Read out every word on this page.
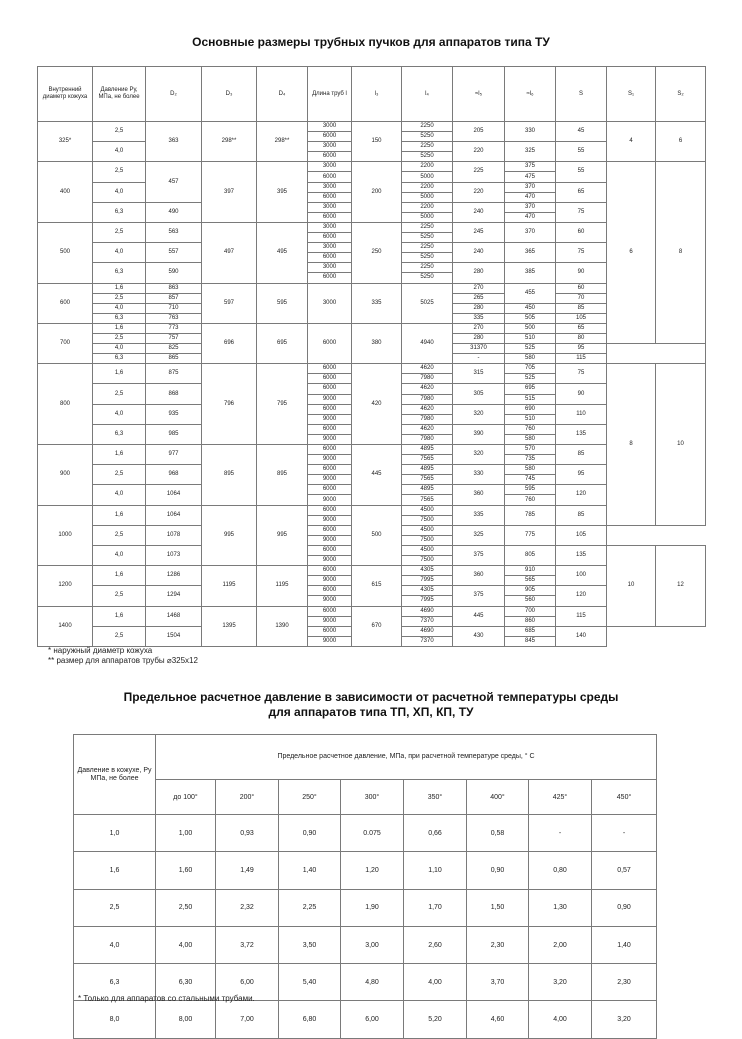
Основные размеры трубных пучков для аппаратов типа ТУ
Внутренний диаметр кожуха	Давление Ру, МПа, не более	D₂	D₃	D₄	Длина труб l	l₃	l₄	≈l₅	≈l₆	S	S₁	S₂	
325*	2,5	363	298**	298**	3000	150	2250	205	330	45	4	6	
					6000		5250						
	4,0				3000		2250	220	325	55			
					6000		5250						
400	2,5	457	397	395	3000	200	2200	225	375	55	6	8	
					6000		5000		475				
	4,0				3000		2200	220	370	65			
					6000		5000		470				
	6,3	490			3000		2200	240	370	75			
					6000		5000		470				
500	2,5	563	497	495	3000	250	2250	245	370	60			
					6000		5250						
	4,0	557			3000		2250	240	365	75			
					6000		5250						
	6,3	590			3000		2250	280	385	90			
					6000		5250						
600	1,6	863	597	595	3000	335	5025	270	455	60			
	2,5	857						265		70			
	4,0	710						280	450	85			
	6,3	763						335	505	105			
700	1,6	773	696	695	6000	380	4940	270	500	65		
	2,5	757						280	510	80			
	4,0	825						31370	525	95			
	6,3	865						-	580	115			
800	1,6	875	796	795	6000	420	4620	315	705	75	8	10	
					6000		7980		525				
	2,5	868			6000		4620	305	695	90			
					9000		7980		515				
	4,0	935			6000		4620	320	690	110			
					9000		7980		510				
	6,3	985			6000		4620	390	760	135			
					9000		7980		580				
900	1,6	977	895	895	6000	445	4895	320	570	85			
					9000		7565		735				
	2,5	968			6000		4895	330	580	95			
					9000		7565		745				
	4,0	1064			6000		4895	360	595	120			
					9000		7565		760				
1000	1,6	1064	995	995	6000	500	4500	335	785	85			
					9000		7500						
	2,5	1078			6000		4500	325	775	105			
					9000		7500						
	4,0	1073			6000		4500	375	805	135	10	12	
					9000		7500						
1200	1,6	1286	1195	1195	6000	615	4305	360	910	100			
					9000		7995		565				
	2,5	1294			6000		4305	375	905	120			
					9000		7995		560				
1400	1,6	1468	1395	1390	6000	670	4690	445	700	115			
					9000		7370		860				
	2,5	1504			6000		4690	430	685	140			
					9000		7370		845				
* наружный диаметр кожуха
** размер для аппаратов трубы ⌀325х12
Предельное расчетное давление в зависимости от расчетной температуры среды
для аппаратов типа ТП, ХП, КП, ТУ
Давление в кожухе, Ру МПа, не более	Предельное расчетное давление, МПа, при расчетной температуре среды, ° С							
	до 100°	200°	250°	300°	350°	400°	425°	450°
1,0	1,00	0,93	0,90	0.075	0,66	0,58	-	-
1,6	1,60	1,49	1,40	1,20	1,10	0,90	0,80	0,57
2,5	2,50	2,32	2,25	1,90	1,70	1,50	1,30	0,90
4,0	4,00	3,72	3,50	3,00	2,60	2,30	2,00	1,40
6,3	6,30	6,00	5,40	4,80	4,00	3,70	3,20	2,30
8,0	8,00	7,00	6,80	6,00	5,20	4,60	4,00	3,20
* Только для аппаратов со стальными трубами.
